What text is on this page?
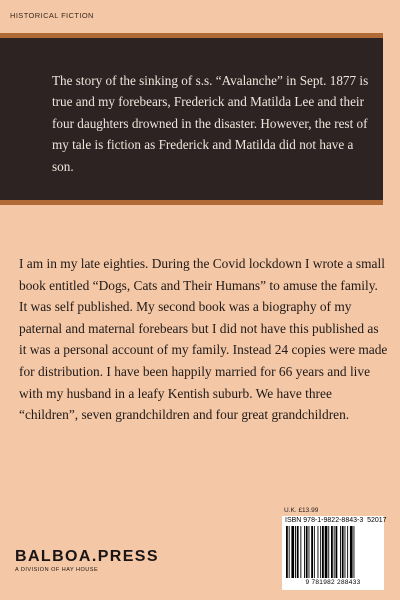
HISTORICAL FICTION

The story of the sinking of s.s. “Avalanche” in Sept. 1877 is true and my forebears, Frederick and Matilda Lee and their four daughters drowned in the disaster. However, the rest of my tale is fiction as Frederick and Matilda did not have a son.

I am in my late eighties. During the Covid lockdown I wrote a small book entitled “Dogs, Cats and Their Humans” to amuse the family. It was self published. My second book was a biography of my paternal and maternal forebears but I did not have this published as it was a personal account of my family. Instead 24 copies were made for distribution. I have been happily married for 66 years and live with my husband in a leafy Kentish suburb. We have three “children”, seven grandchildren and four great grandchildren.

U.K. £13.99
ISBN 978-1-9822-8843-3 52017
9 781982 288433
BALBOA.PRESS
A DIVISION OF HAY HOUSE
